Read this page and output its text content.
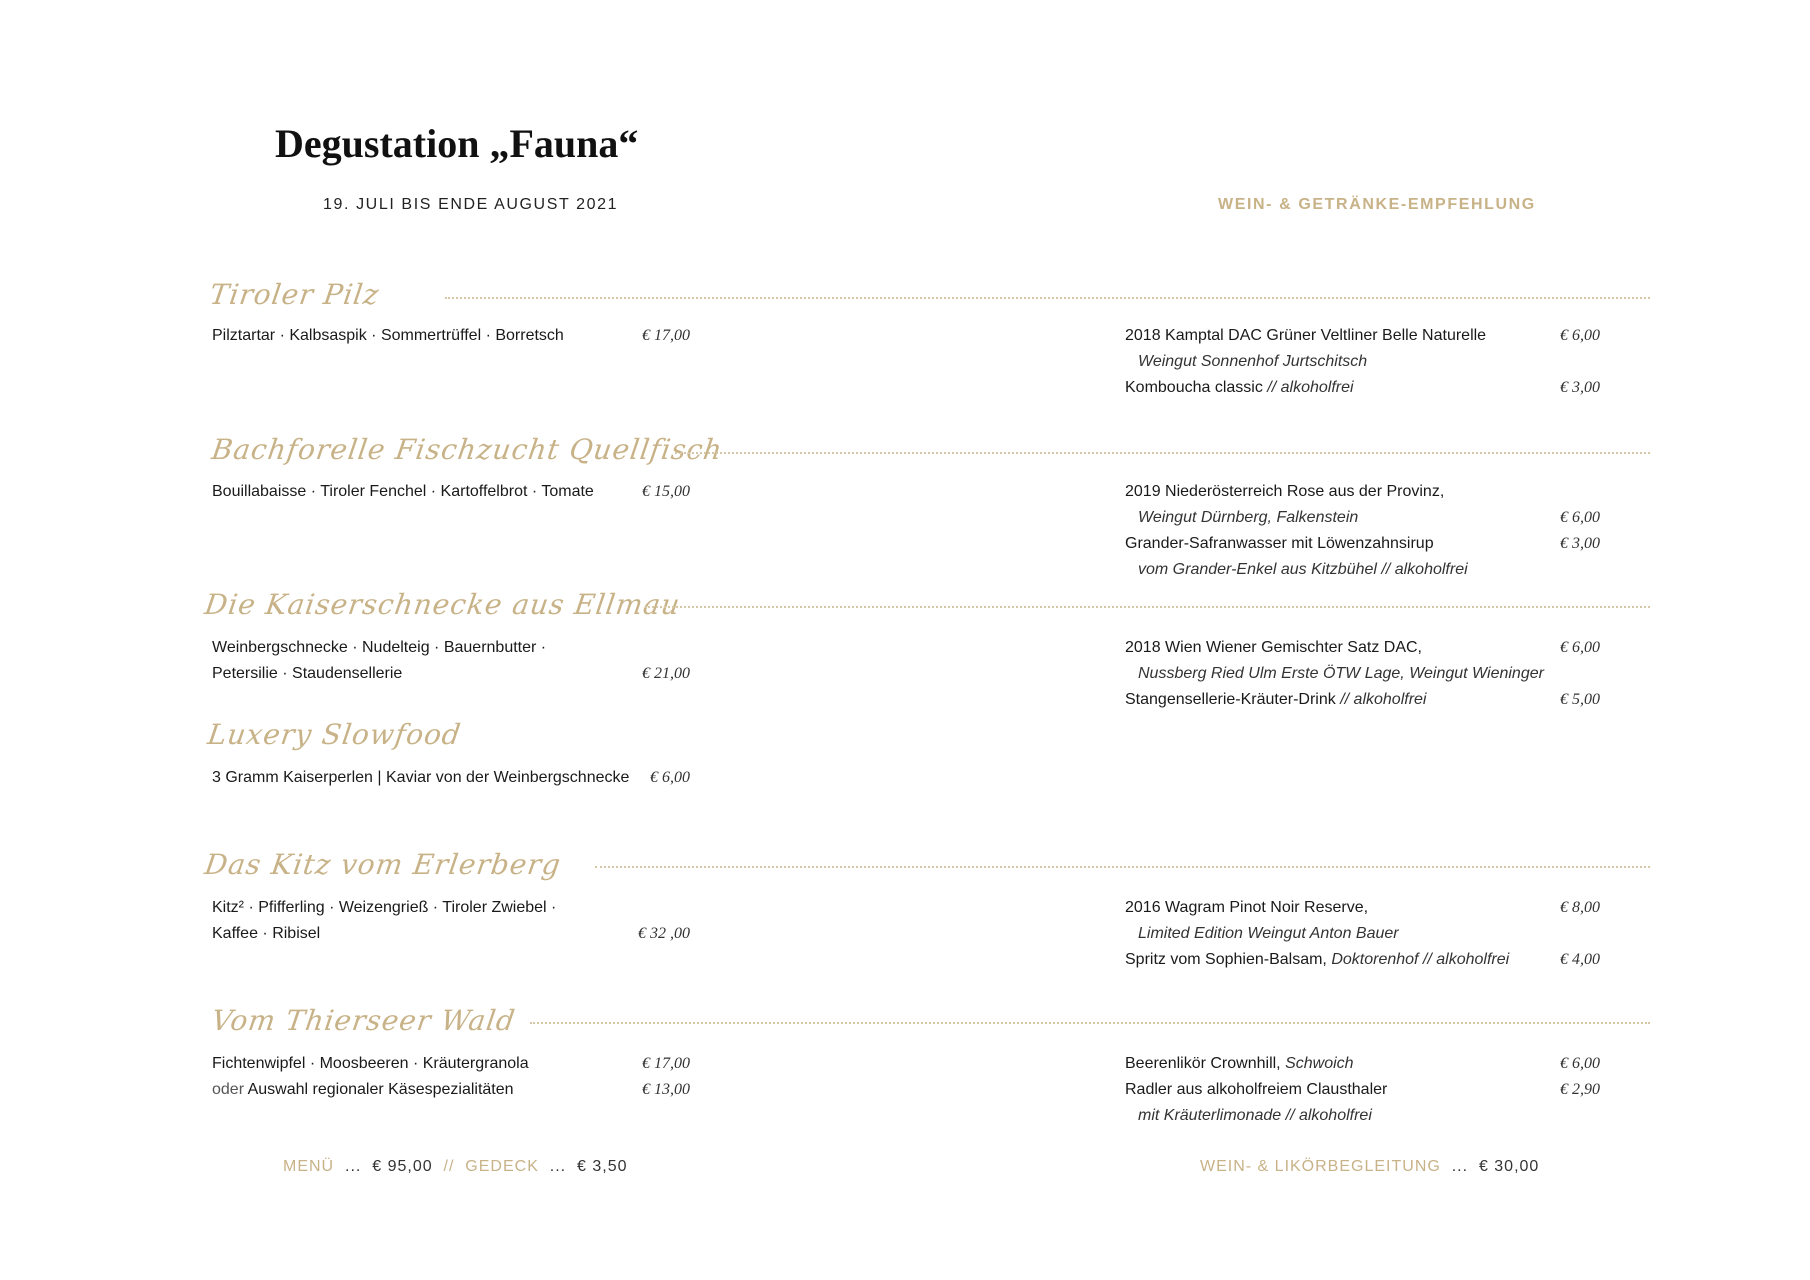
Degustation „Fauna“
19. JULI BIS ENDE AUGUST 2021	WEIN- & GETRÄNKE-EMPFEHLUNG
Tiroler Pilz
Pilztartar · Kalbsaspik · Sommertrüffel · Borretsch	€ 17,00	2018 Kamptal DAC Grüner Veltliner Belle Naturelle	€ 6,00
Weingut Sonnenhof Jurtschitsch
Komboucha classic // alkoholfrei	€ 3,00
Bachforelle Fischzucht Quellfisch
Bouillabaisse · Tiroler Fenchel · Kartoffelbrot · Tomate	€ 15,00	2019 Niederösterreich Rose aus der Provinz,
Weingut Dürnberg, Falkenstein	€ 6,00
Grander-Safranwasser mit Löwenzahnsirup	€ 3,00
vom Grander-Enkel aus Kitzbühel // alkoholfrei
Die Kaiserschnecke aus Ellmau
Weinbergschnecke · Nudelteig · Bauernbutter ·
Petersilie · Staudensellerie	€ 21,00
2018 Wien Wiener Gemischter Satz DAC,	€ 6,00
Nussberg Ried Ulm Erste ÖTW Lage, Weingut Wieninger
Stangensellerie-Kräuter-Drink // alkoholfrei	€ 5,00
Luxery Slowfood
3 Gramm Kaiserperlen | Kaviar von der Weinbergschnecke	€ 6,00
Das Kitz vom Erlerberg
Kitz² · Pfifferling · Weizengrieß · Tiroler Zwiebel ·
Kaffee · Ribisel	€ 32 ,00
2016 Wagram Pinot Noir Reserve,	€ 8,00
Limited Edition Weingut Anton Bauer
Spritz vom Sophien-Balsam, Doktorenhof // alkoholfrei	€ 4,00
Vom Thierseer Wald
Fichtenwipfel · Moosbeeren · Kräutergranola	€ 17,00
oder Auswahl regionaler Käsespezialitäten	€ 13,00
Beerenlikör Crownhill, Schwoich	€ 6,00
Radler aus alkoholfreiem Clausthaler	€ 2,90
mit Kräuterlimonade // alkoholfrei
MENÜ ... € 95,00 // GEDECK ... € 3,50	WEIN- & LIKÖRBEGLEITUNG ... € 30,00
